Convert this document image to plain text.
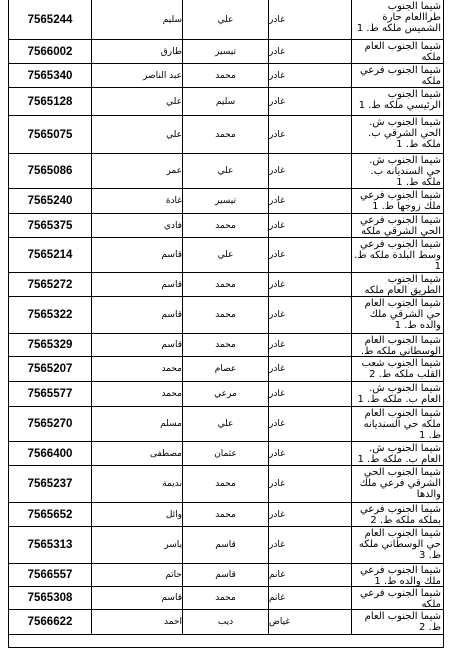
شيما الجنوب طراالعام حارة الشميس ملكه ط. 1
غادر
علي
سليم
7565244
شيما الجنوب العام ملكه
غادر
تيسير
طارق
7566002
شيما الجنوب فرعي ملكه
غادر
محمد
عبد الناصر
7565340
شيما الجنوب الرئيسي ملكه ط. 1
غادر
سليم
علي
7565128
شيما الجنوب ش. الحي الشرقي ب. ملكه ط. 1
غادر
محمد
علي
7565075
شيما الجنوب ش. حي السنديانه ب. ملكه ط. 1
غادر
علي
عمر
7565086
شيما الجنوب فرعي ملك زوجها ط. 1
غادر
تيسير
غادة
7565240
شيما الجنوب فرعي الحي الشرقي ملكه
غادر
محمد
فادي
7565375
شيما الجنوب فرعي وسط البلدة ملكه ط. 1
غادر
علي
قاسم
7565214
شيما الجنوب الطريق العام ملكه
غادر
محمد
قاسم
7565272
شيما الجنوب العام حي الشرقي ملك والده ط. 1
غادر
محمد
قاسم
7565322
شيما الجنوب العام الوسطاني ملكه ط.
غادر
محمد
قاسم
7565329
شيما الجنوب شعب القلب ملكه ط. 2
غادر
عصام
محمد
7565207
شيما الجنوب ش. العام ب. ملكه ط. 1
غادر
مرعي
محمد
7565577
شيما الجنوب العام ملكه حي السنديانه ط. 1
غادر
علي
مسلم
7565270
شيما الجنوب ش. العام ب. ملكه ط. 1
غادر
عثمان
مصطفى
7566400
شيما الجنوب الحي الشرقي فرعي ملك والدها
غادر
محمد
نديمة
7565237
شيما الجنوب فرعي بملكه ملكه ط. 2
غادر
محمد
وائل
7565652
شيما الجنوب العام حي الوسطاني ملكه ط. 3
غادر
قاسم
ياسر
7565313
شيما الجنوب فرعي ملك والده ط. 1
غانم
قاسم
حاتم
7566557
شيما الجنوب فرعي ملكه
غانم
محمد
قاسم
7565308
شيما الجنوب العام ط. 2
غياض
ديب
احمد
7566622
